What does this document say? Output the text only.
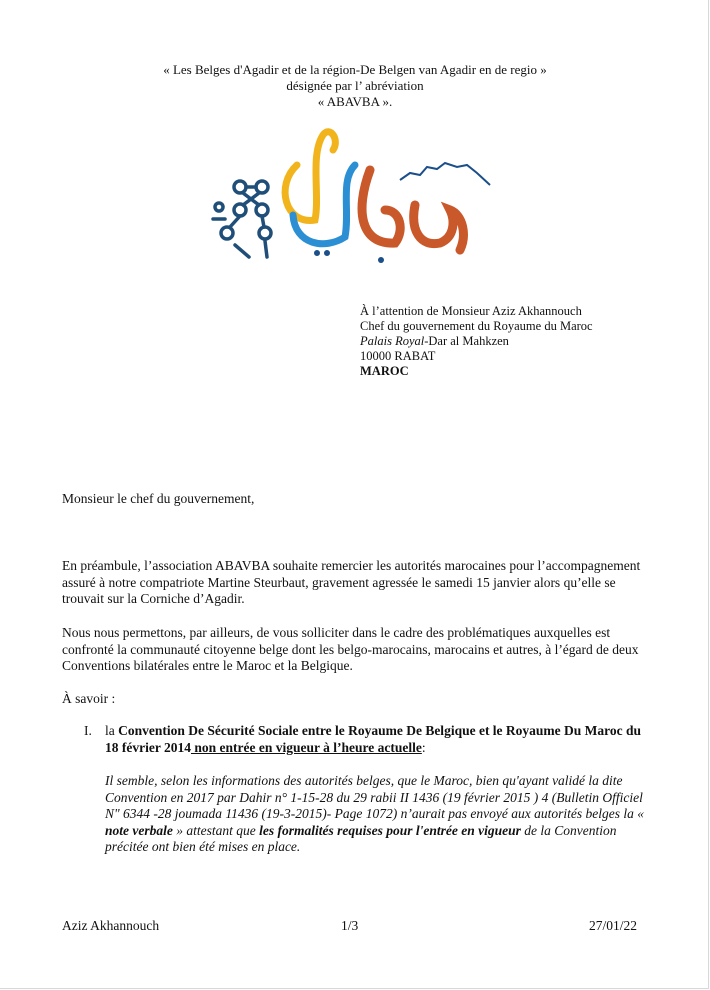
« Les Belges d'Agadir et de la région-De Belgen van Agadir en de regio »
désignée par l’ abréviation
« ABAVBA ».
À l’attention de Monsieur Aziz Akhannouch
Chef du gouvernement du Royaume du Maroc
Palais Royal-Dar al Mahkzen
10000 RABAT
MAROC
Monsieur le chef du gouvernement,
En préambule, l’association ABAVBA souhaite remercier les autorités marocaines pour l’accompagnement assuré à notre compatriote Martine Steurbaut, gravement agressée le samedi 15 janvier alors qu’elle se trouvait sur la Corniche d’Agadir.
Nous nous permettons, par ailleurs, de vous solliciter dans le cadre des problématiques auxquelles est confronté la communauté citoyenne belge dont les belgo-marocains, marocains et autres, à l’égard de deux Conventions bilatérales entre le Maroc et la Belgique.
À savoir :
I. la Convention De Sécurité Sociale entre le Royaume De Belgique et le Royaume Du Maroc du 18 février 2014 non entrée en vigueur à l’heure actuelle:
Il semble, selon les informations des autorités belges, que le Maroc, bien qu'ayant validé la dite Convention en 2017 par Dahir n° 1-15-28 du 29 rabii II 1436 (19 février 2015 ) 4 (Bulletin Officiel N" 6344 -28 joumada 11436 (19-3-2015)- Page 1072) n’aurait pas envoyé aux autorités belges la « note verbale » attestant que les formalités requises pour l'entrée en vigueur de la Convention précitée ont bien été mises en place.
Aziz Akhannouch	1/3	27/01/22
